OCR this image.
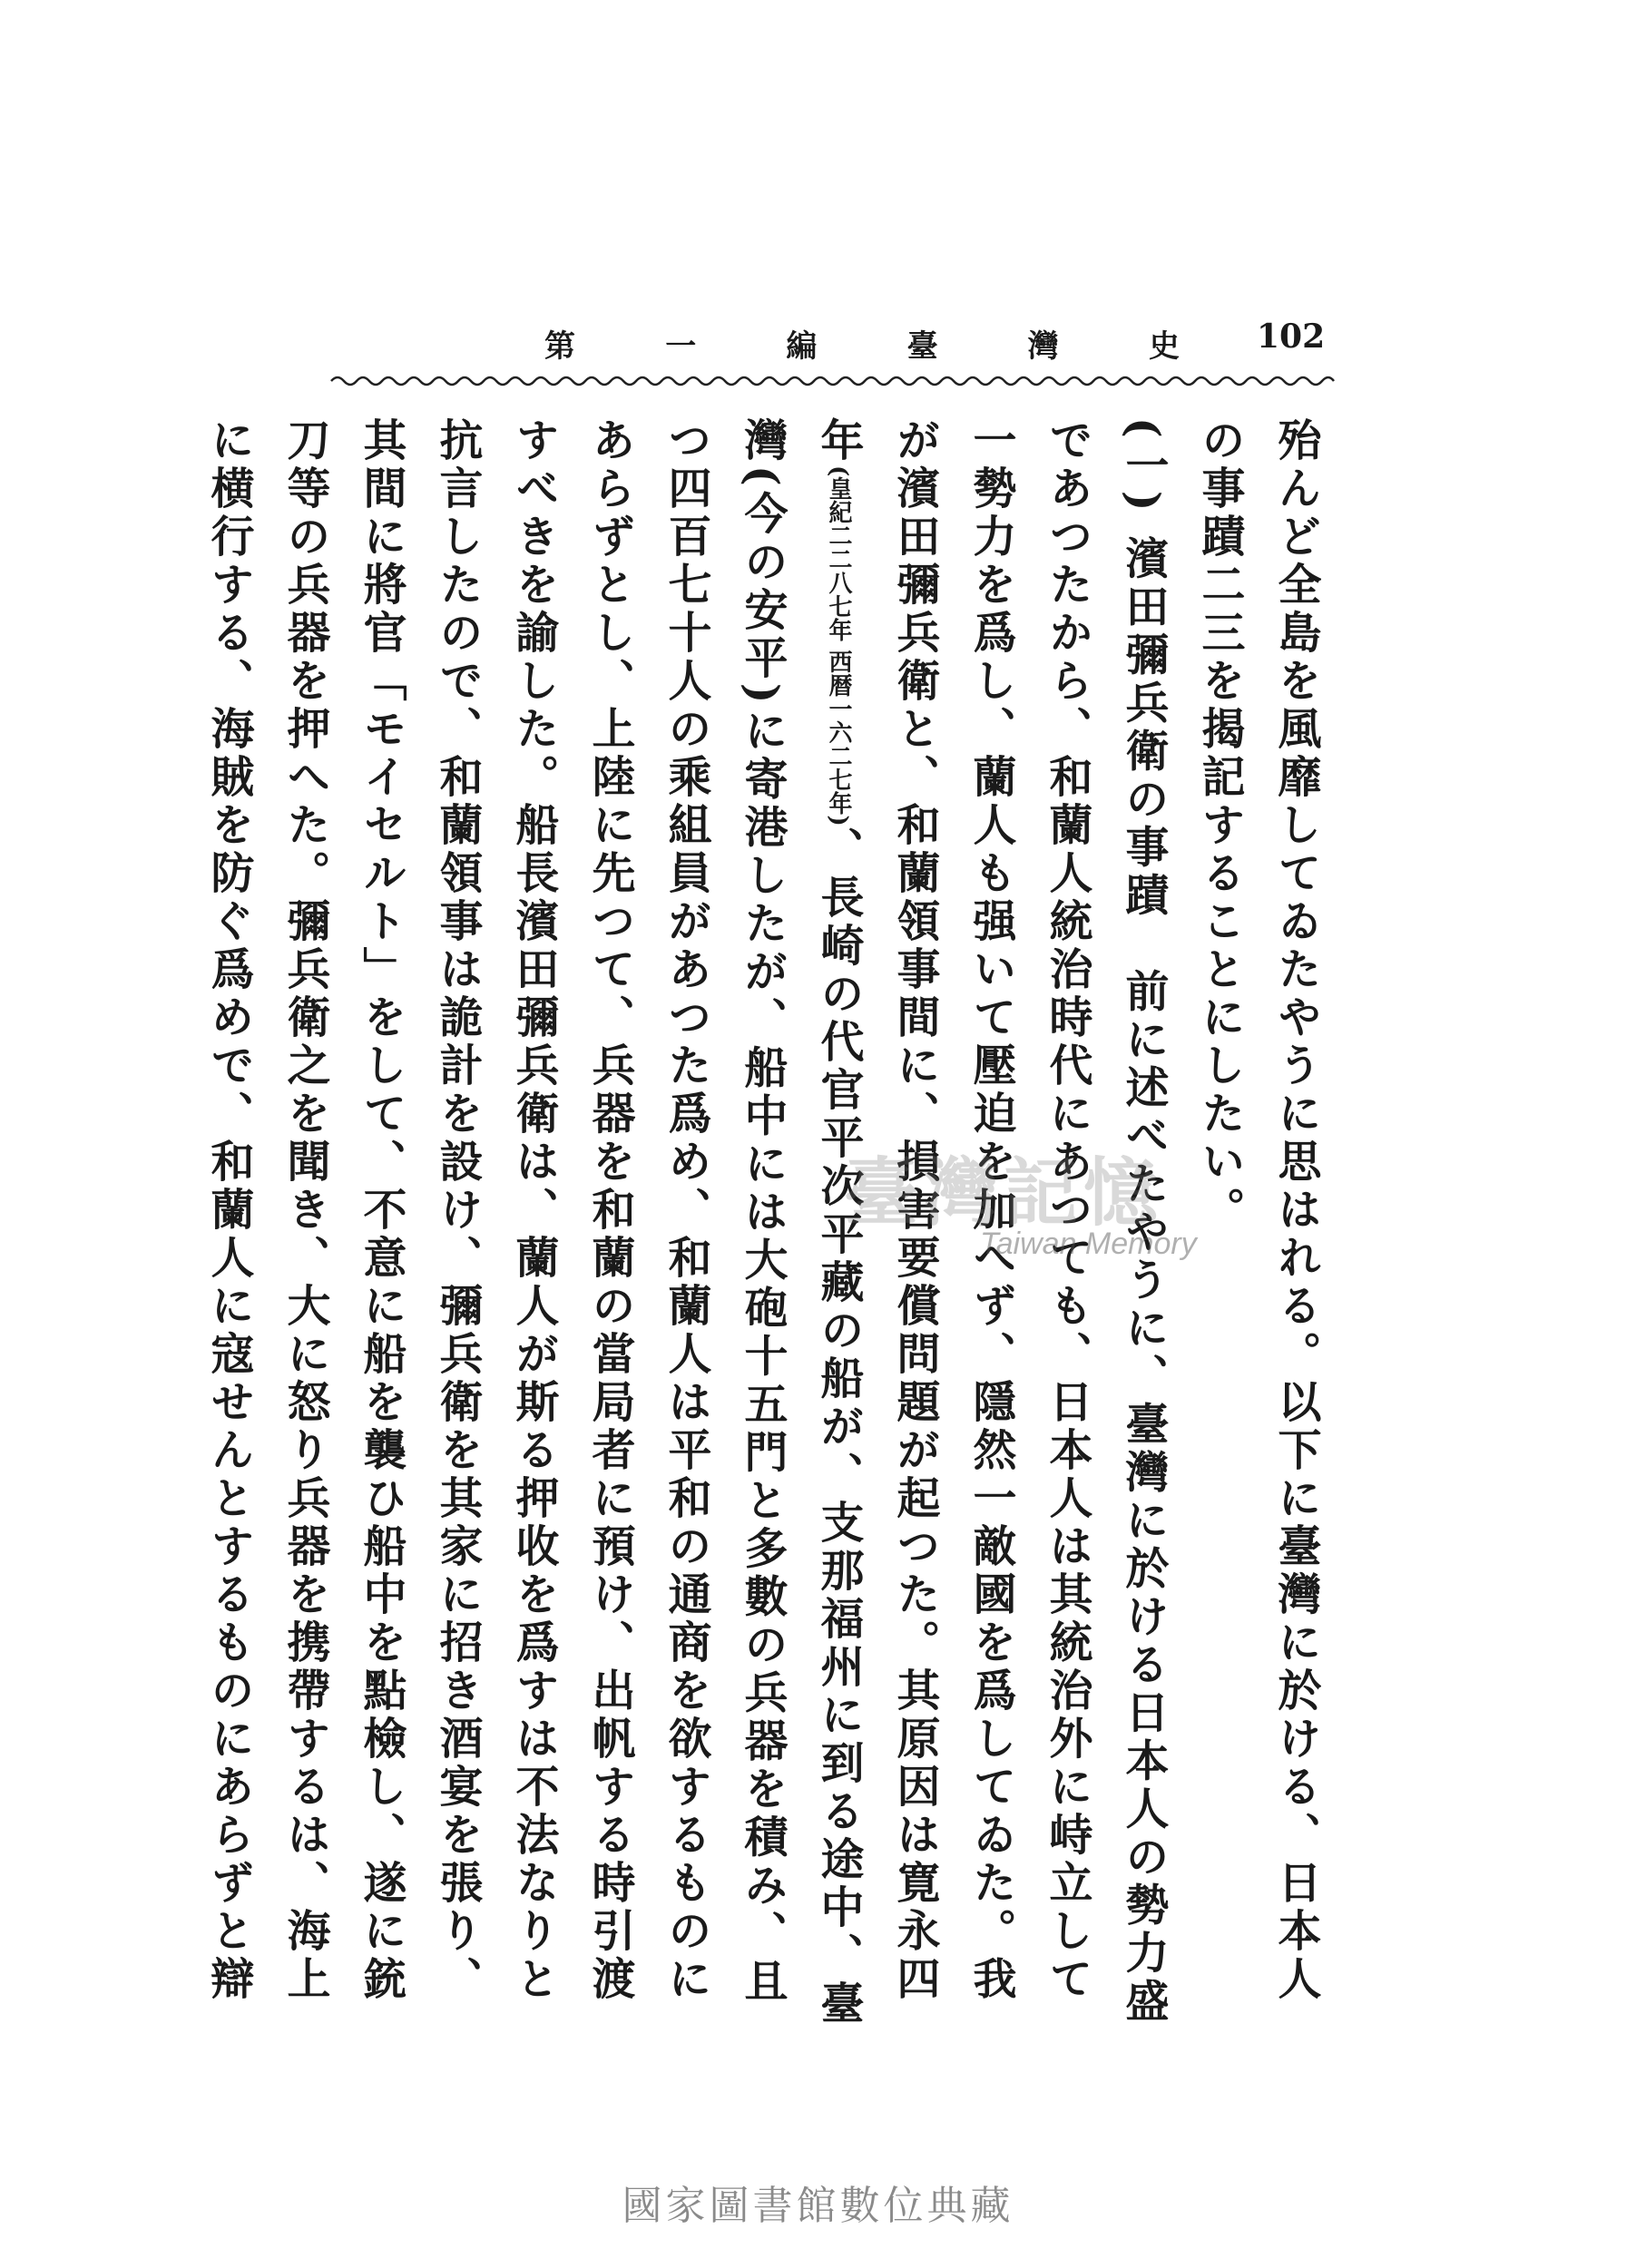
史
灣
臺
編
一
第	102

殆んど全島を風靡してゐたやうに思はれる。以下に臺灣に於ける、日本人の事蹟二三を揭記することにしたい。

(一) 濱田彌兵衛の事蹟　前に述べたやうに、臺灣に於ける日本人の勢力盛であつたから、和蘭人統治時代にあつても、日本人は其統治外に峙立して一勢力を爲し、蘭人も强いて壓迫を加へず、隱然一敵國を爲してゐた。我が濱田彌兵衛と、和蘭領事間に、損害要償問題が起つた。其原因は寛永四年(皇紀二二八七年 西暦一六二七年)、長崎の代官平次平藏の船が、支那福州に到る途中、臺灣(今の安平)に寄港したが、船中には大砲十五門と多數の兵器を積み、且つ四百七十人の乘組員があつた爲め、和蘭人は平和の通商を欲するものにあらずとし、上陸に先つて、兵器を和蘭の當局者に預け、出帆する時引渡すべきを諭した。船長濱田彌兵衛は、蘭人が斯る押收を爲すは不法なりと抗言したので、和蘭領事は詭計を設け、彌兵衛を其家に招き酒宴を張り、其間に將官「モイセルト」をして、不意に船を襲ひ船中を點檢し、遂に銃刀等の兵器を押へた。彌兵衛之を聞き、大に怒り兵器を携帶するは、海上に横行する、海賊を防ぐ爲めで、和蘭人に寇せんとするものにあらずと辯	臺灣記憶
Taiwan Memory
國家圖書館數位典藏
